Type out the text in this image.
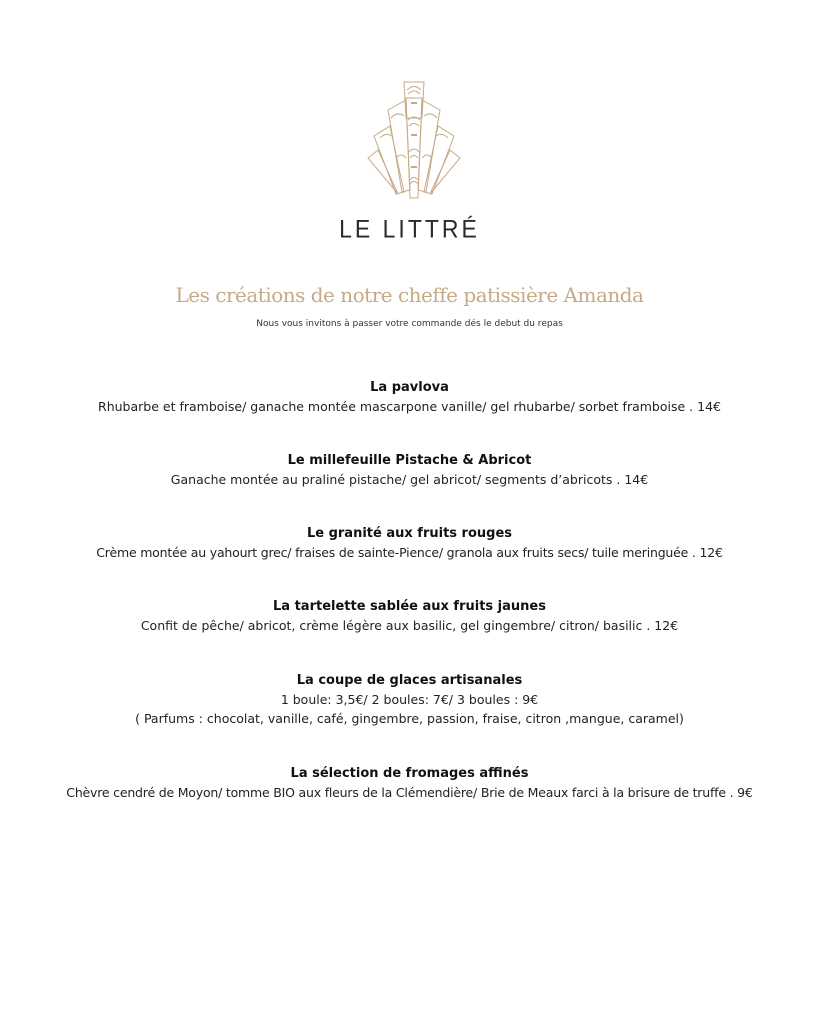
LE LITTRÉ
Les créations de notre cheffe patissière Amanda
Nous vous invitons à passer votre commande dés le debut du repas
La pavlova
Rhubarbe et framboise/ ganache montée mascarpone vanille/ gel rhubarbe/ sorbet framboise . 14€
Le millefeuille Pistache & Abricot
Ganache montée au praliné pistache/ gel abricot/ segments d’abricots . 14€
Le granité aux fruits rouges
Crème montée au yahourt grec/ fraises de sainte-Pience/ granola aux fruits secs/ tuile meringuée . 12€
La tartelette sablée aux fruits jaunes
Confit de pêche/ abricot, crème légère aux basilic, gel gingembre/ citron/ basilic . 12€
La coupe de glaces artisanales
1 boule: 3,5€/ 2 boules: 7€/ 3 boules : 9€
( Parfums : chocolat, vanille, café, gingembre, passion, fraise, citron ,mangue, caramel)
La sélection de fromages affinés
Chèvre cendré de Moyon/ tomme BIO aux fleurs de la Clémendière/ Brie de Meaux farci à la brisure de truffe . 9€
